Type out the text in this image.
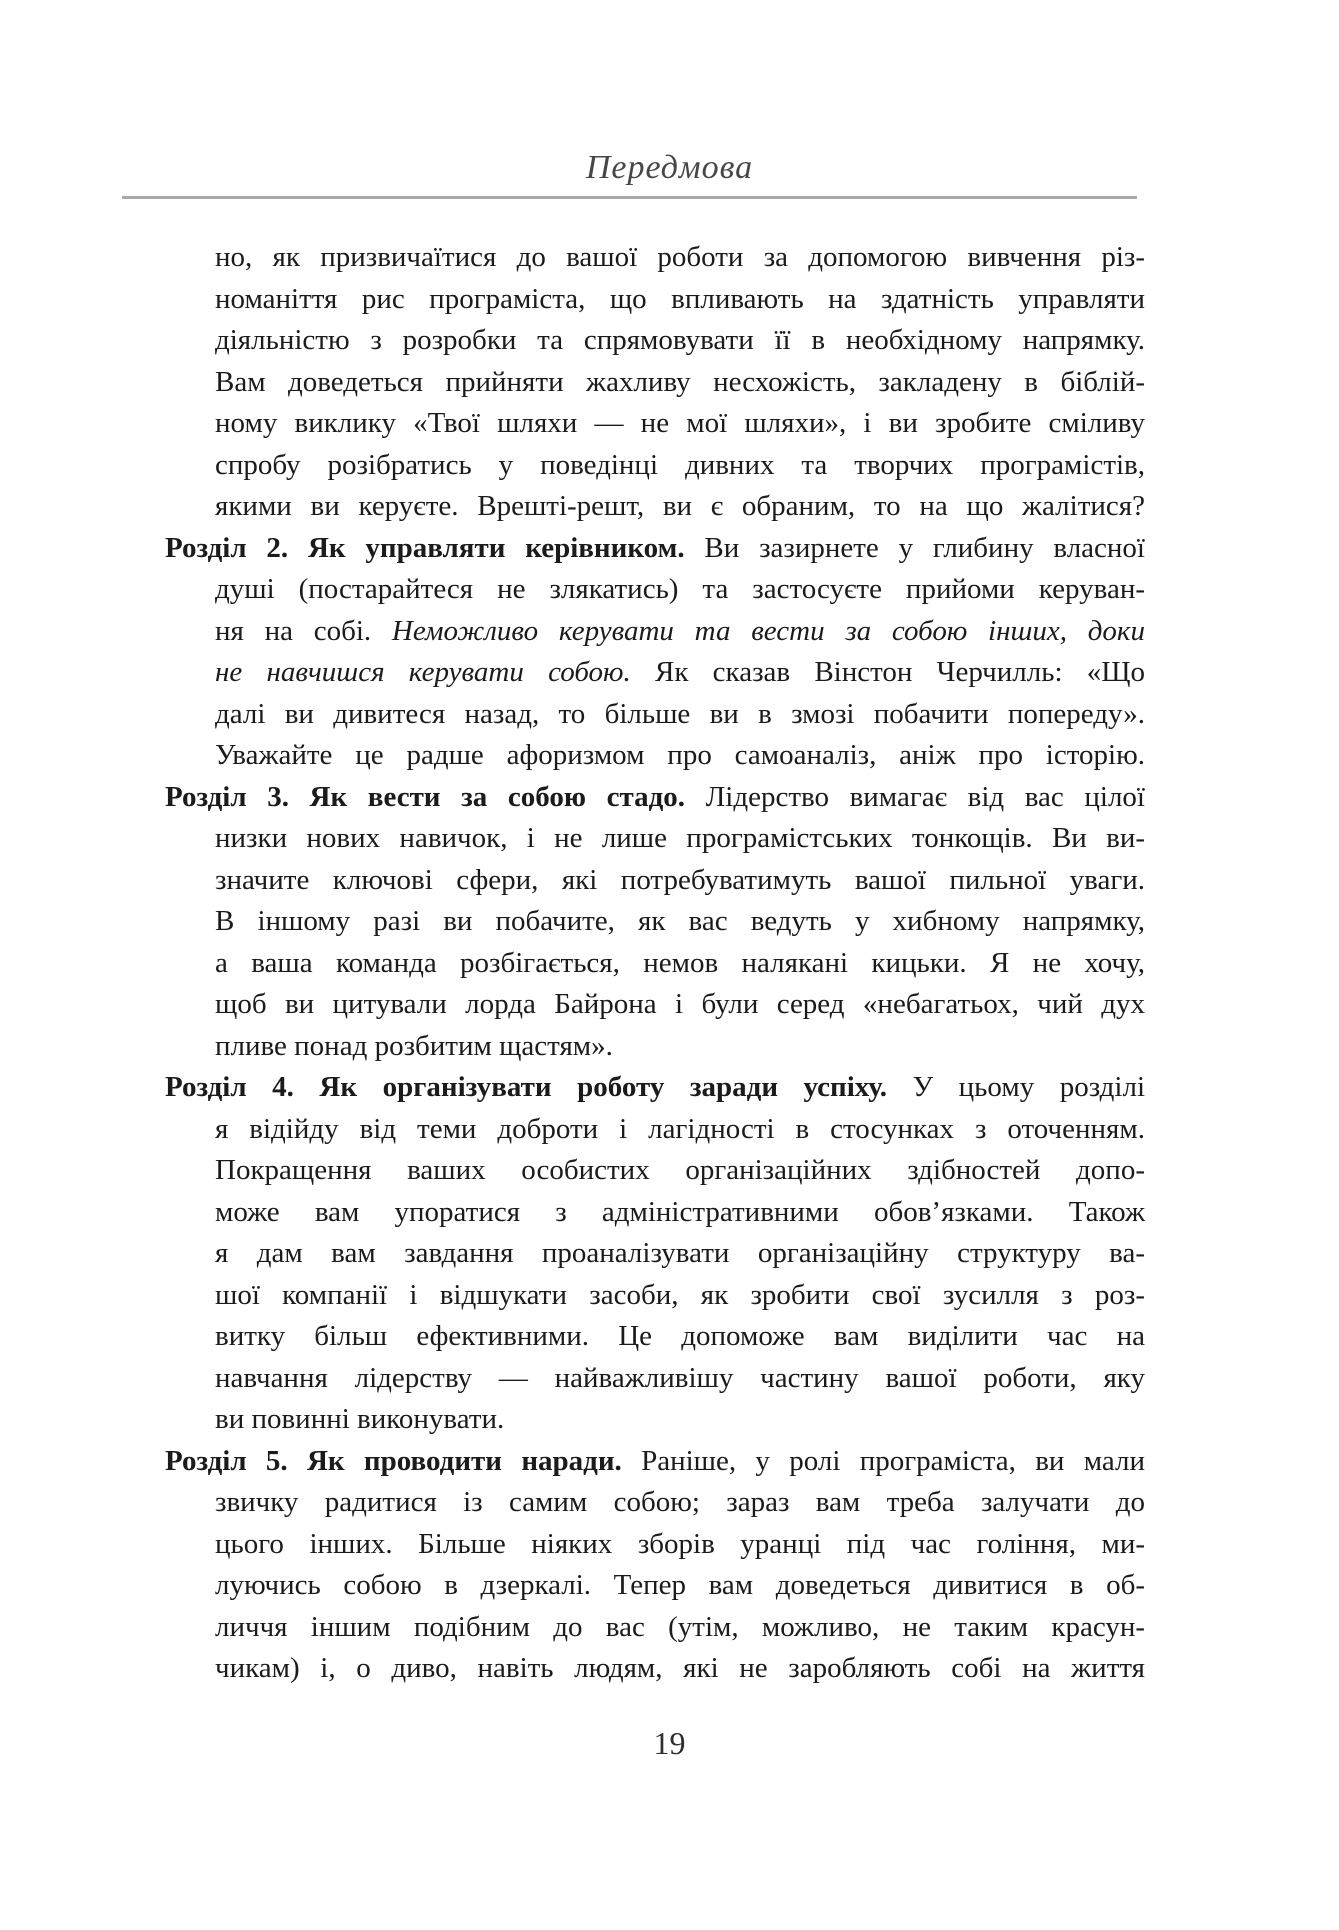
Передмова
но, як призвичаїтися до вашої роботи за допомогою вивчення різ-
номаніття рис програміста, що впливають на здатність управляти
діяльністю з розробки та спрямовувати її в необхідному напрямку.
Вам доведеться прийняти жахливу несхожість, закладену в біблій-
ному виклику «Твої шляхи — не мої шляхи», і ви зробите сміливу
спробу розібратись у поведінці дивних та творчих програмістів,
якими ви керуєте. Врешті-решт, ви є обраним, то на що жалітися?
Розділ 2. Як управляти керівником. Ви зазирнете у глибину власної
душі (постарайтеся не злякатись) та застосуєте прийоми керуван-
ня на собі. Неможливо керувати та вести за собою інших, доки
не навчишся керувати собою. Як сказав Вінстон Черчилль: «Що
далі ви дивитеся назад, то більше ви в змозі побачити попереду».
Уважайте це радше афоризмом про самоаналіз, аніж про історію.
Розділ 3. Як вести за собою стадо. Лідерство вимагає від вас цілої
низки нових навичок, і не лише програмістських тонкощів. Ви ви-
значите ключові сфери, які потребуватимуть вашої пильної уваги.
В іншому разі ви побачите, як вас ведуть у хибному напрямку,
а ваша команда розбігається, немов налякані кицьки. Я не хочу,
щоб ви цитували лорда Байрона і були серед «небагатьох, чий дух
пливе понад розбитим щастям».
Розділ 4. Як організувати роботу заради успіху. У цьому розділі
я відійду від теми доброти і лагідності в стосунках з оточенням.
Покращення ваших особистих організаційних здібностей допо-
може вам упоратися з адміністративними обов’язками. Також
я дам вам завдання проаналізувати організаційну структуру ва-
шої компанії і відшукати засоби, як зробити свої зусилля з роз-
витку більш ефективними. Це допоможе вам виділити час на
навчання лідерству — найважливішу частину вашої роботи, яку
ви повинні виконувати.
Розділ 5. Як проводити наради. Раніше, у ролі програміста, ви мали
звичку радитися із самим собою; зараз вам треба залучати до
цього інших. Більше ніяких зборів уранці під час гоління, ми-
луючись собою в дзеркалі. Тепер вам доведеться дивитися в об-
личчя іншим подібним до вас (утім, можливо, не таким красун-
чикам) і, о диво, навіть людям, які не заробляють собі на життя
19
